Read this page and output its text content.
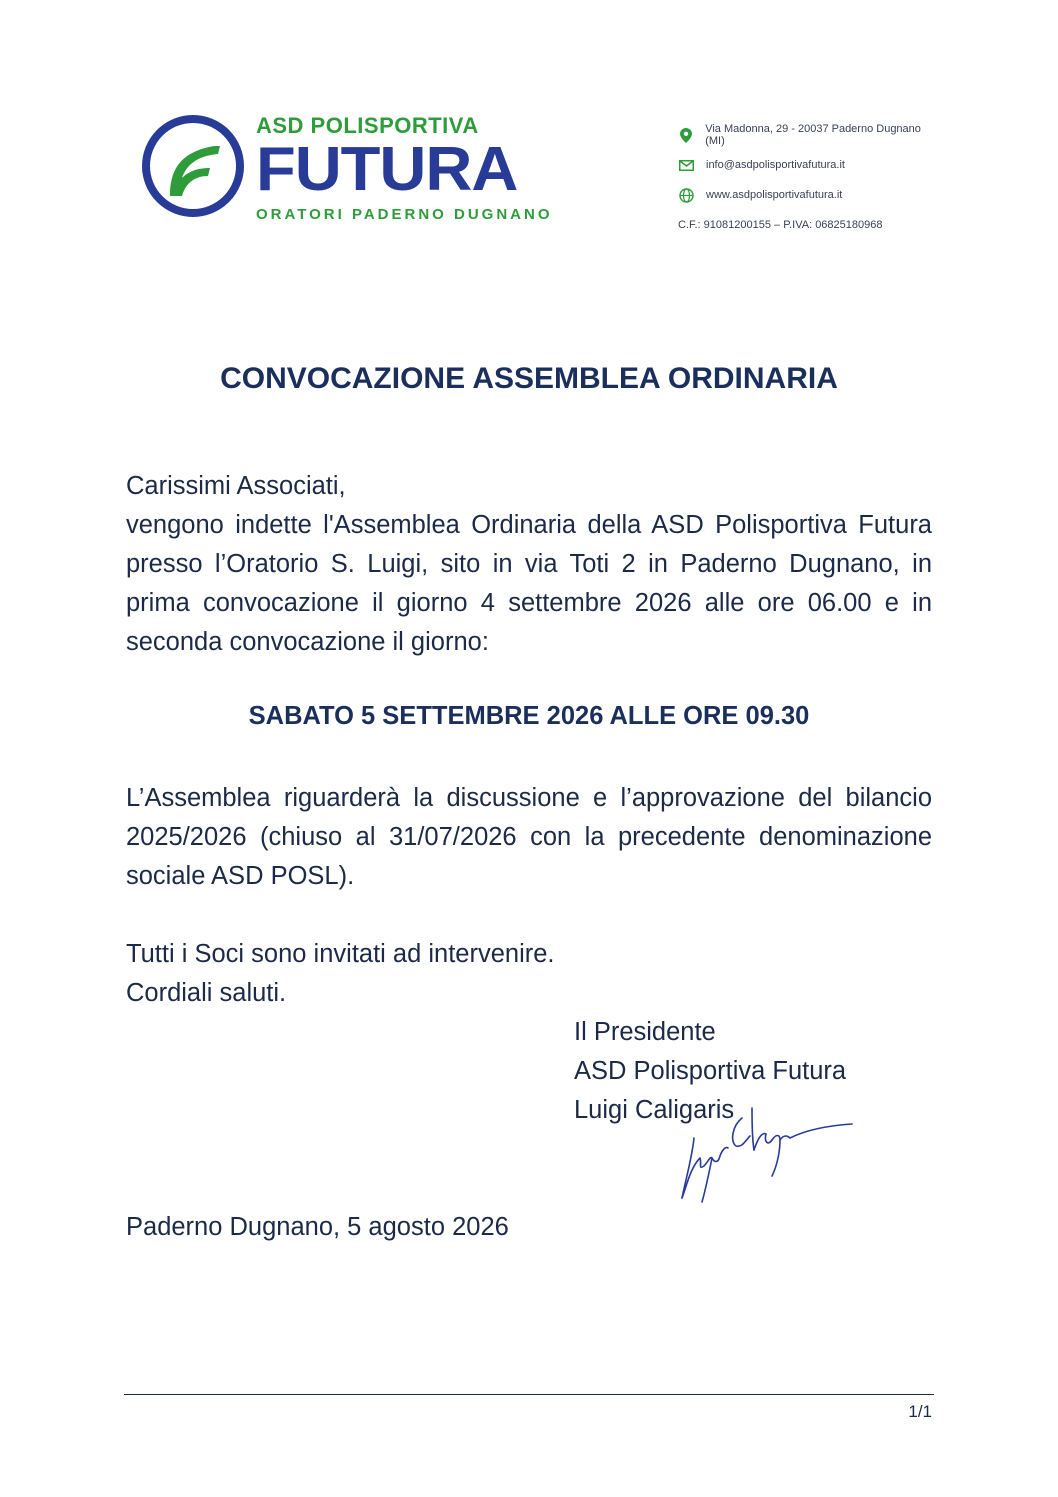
ASD POLISPORTIVA
FUTURA
ORATORI PADERNO DUGNANO
Via Madonna, 29 - 20037 Paderno Dugnano (MI)
info@asdpolisportivafutura.it
www.asdpolisportivafutura.it
C.F.: 91081200155 – P.IVA: 06825180968
CONVOCAZIONE ASSEMBLEA ORDINARIA
Carissimi Associati,
vengono indette l'Assemblea Ordinaria della ASD Polisportiva Futura presso l’Oratorio S. Luigi, sito in via Toti 2 in Paderno Dugnano, in prima convocazione il giorno 4 settembre 2026 alle ore 06.00 e in seconda convocazione il giorno:
SABATO 5 SETTEMBRE 2026 ALLE ORE 09.30
L’Assemblea riguarderà la discussione e l’approvazione del bilancio 2025/2026 (chiuso al 31/07/2026 con la precedente denominazione sociale ASD POSL).
Tutti i Soci sono invitati ad intervenire.
Cordiali saluti.
Il Presidente
ASD Polisportiva Futura
Luigi Caligaris
Paderno Dugnano, 5 agosto 2026
1/1
